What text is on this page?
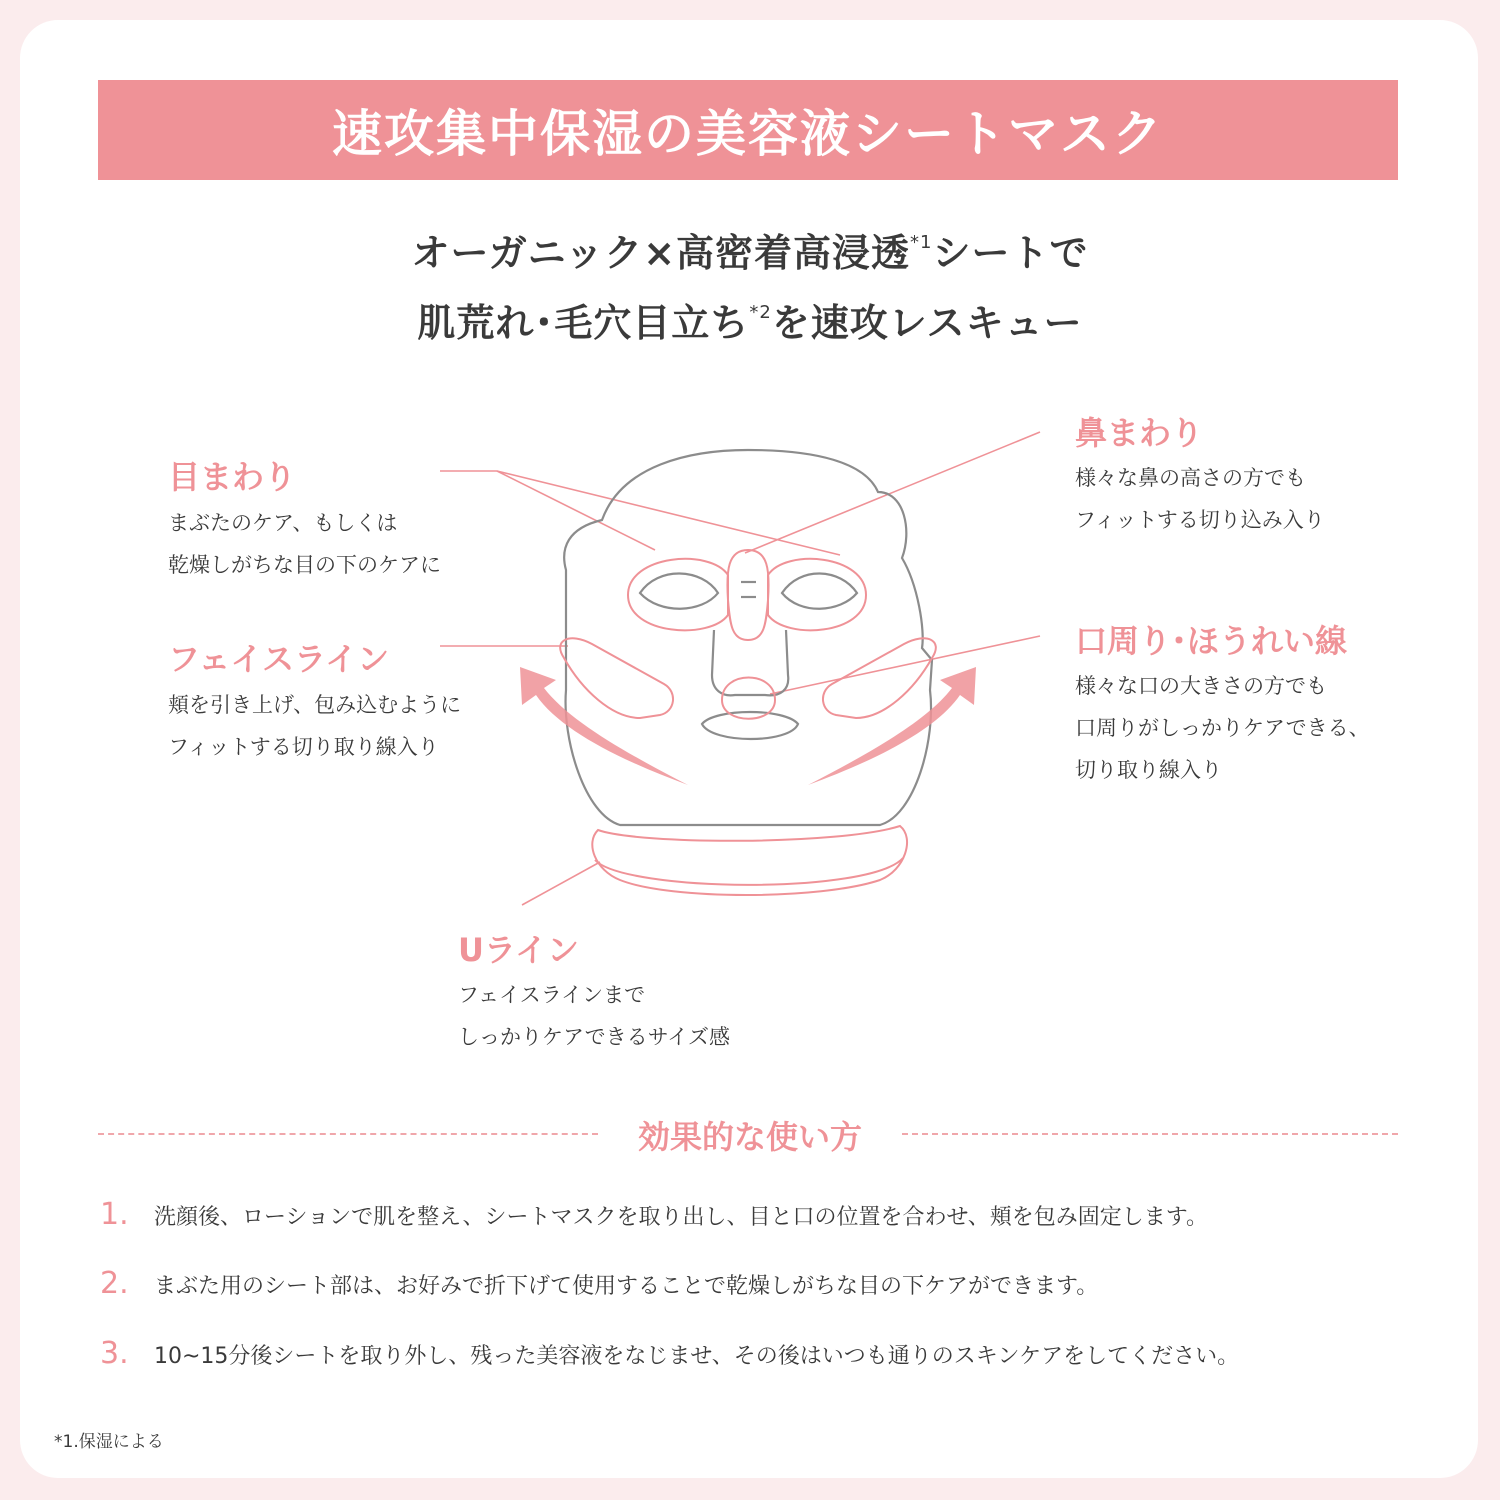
速攻集中保湿の美容液シートマスク
オーガニック×高密着高浸透$^{*1}$シートで
肌荒れ･毛穴目立ち$^{*2}$を速攻レスキュー
目まわり
まぶたのケア、もしくは
乾燥しがちな目の下のケアに
フェイスライン
頬を引き上げ、包み込むように
フィットする切り取り線入り
鼻まわり
様々な鼻の高さの方でも
フィットする切り込み入り
口周り･ほうれい線
様々な口の大きさの方でも
口周りがしっかりケアできる、
切り取り線入り
Uライン
フェイスラインまで
しっかりケアできるサイズ感
効果的な使い方
1.	洗顔後、ローションで肌を整え、シートマスクを取り出し、目と口の位置を合わせ、頬を包み固定します。
2.	まぶた用のシート部は、お好みで折下げて使用することで乾燥しがちな目の下ケアができます。
3.	10~15分後シートを取り外し、残った美容液をなじませ、その後はいつも通りのスキンケアをしてください。
*1.保湿による
